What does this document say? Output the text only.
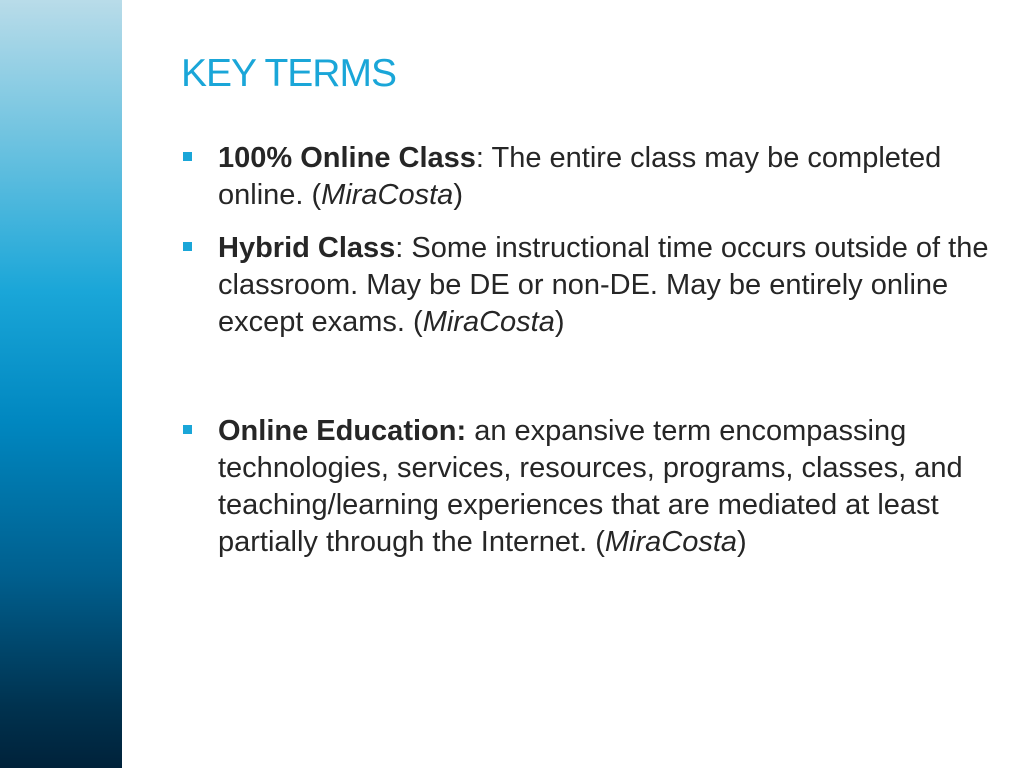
KEY TERMS
100% Online Class: The entire class may be completed online. (MiraCosta)
Hybrid Class: Some instructional time occurs outside of the classroom. May be DE or non-DE. May be entirely online except exams. (MiraCosta)
Online Education: an expansive term encompassing technologies, services, resources, programs, classes, and teaching/learning experiences that are mediated at least partially through the Internet. (MiraCosta)
